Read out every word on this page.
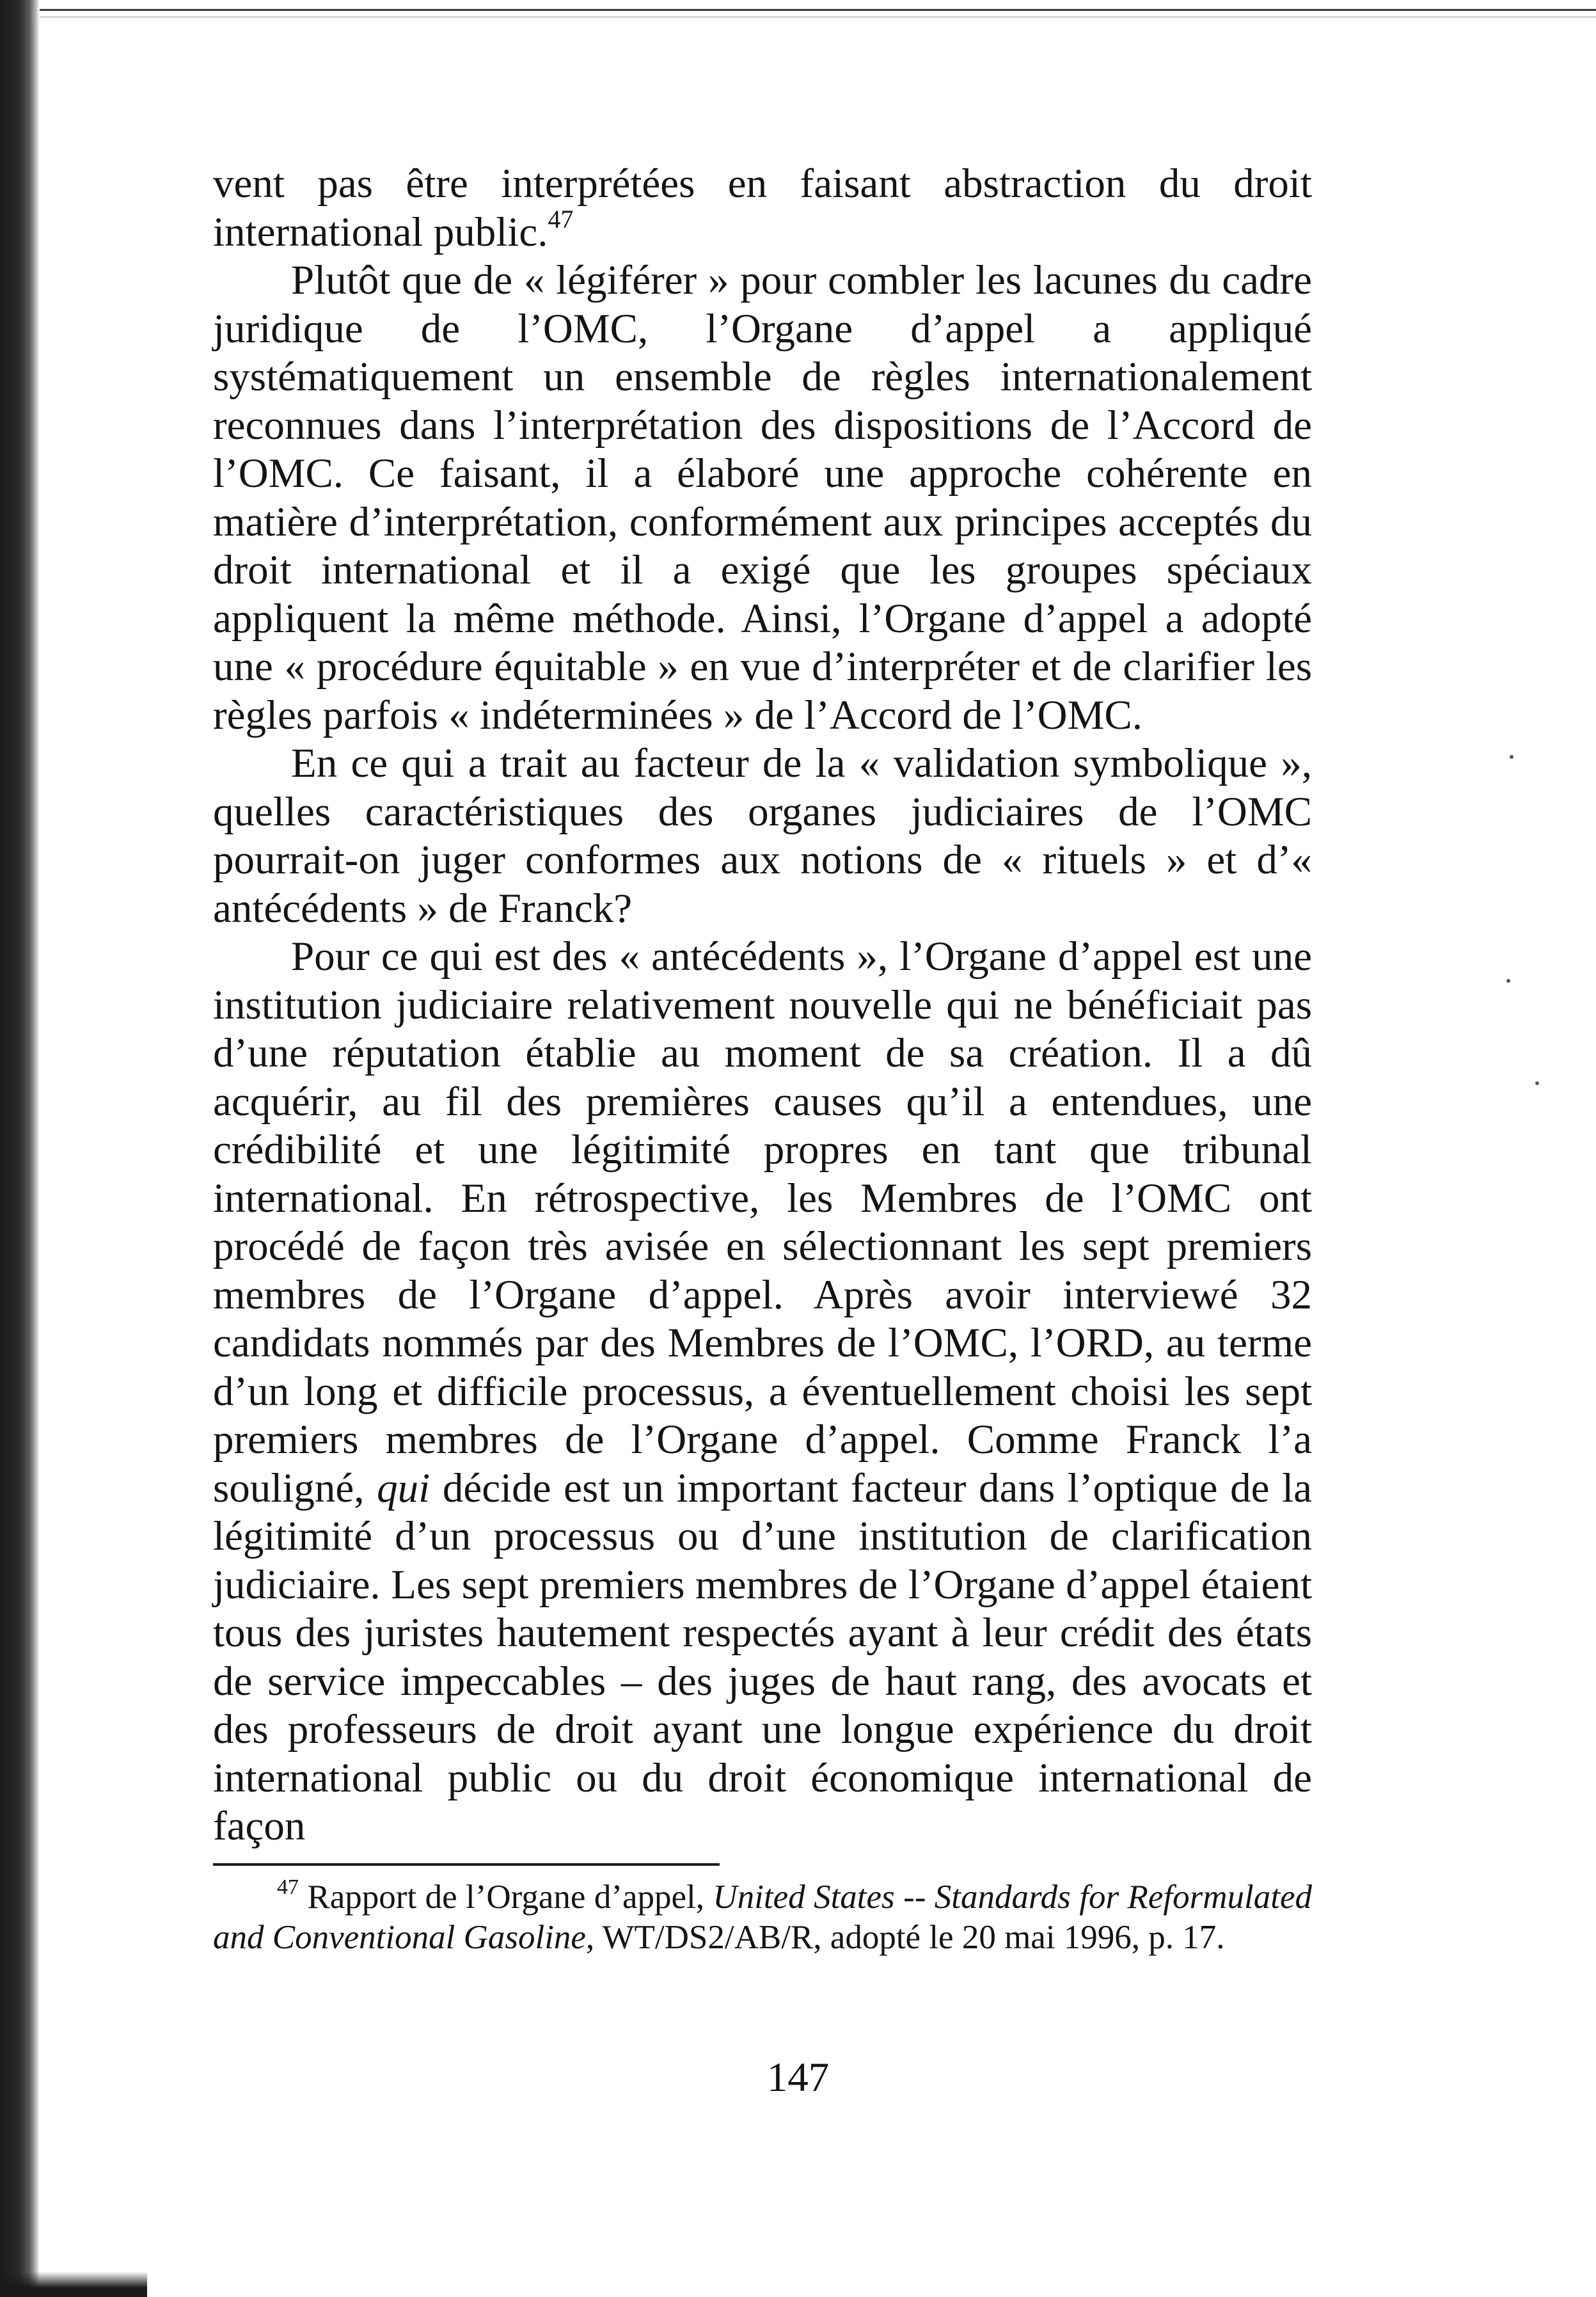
vent pas être interprétées en faisant abstraction du droit international public.$^{47}$

Plutôt que de « légiférer » pour combler les lacunes du cadre juridique de l’OMC, l’Organe d’appel a appliqué systématiquement un ensemble de règles internationalement reconnues dans l’interprétation des dispositions de l’Accord de l’OMC. Ce faisant, il a élaboré une approche cohérente en matière d’interprétation, conformément aux principes acceptés du droit international et il a exigé que les groupes spéciaux appliquent la même méthode. Ainsi, l’Organe d’appel a adopté une « procédure équitable » en vue d’interpréter et de clarifier les règles parfois « indéterminées » de l’Accord de l’OMC.

En ce qui a trait au facteur de la « validation symbolique », quelles caractéristiques des organes judiciaires de l’OMC pourrait-on juger conformes aux notions de « rituels » et d’« antécédents » de Franck?

Pour ce qui est des « antécédents », l’Organe d’appel est une institution judiciaire relativement nouvelle qui ne bénéficiait pas d’une réputation établie au moment de sa création. Il a dû acquérir, au fil des premières causes qu’il a entendues, une crédibilité et une légitimité propres en tant que tribunal international. En rétrospective, les Membres de l’OMC ont procédé de façon très avisée en sélectionnant les sept premiers membres de l’Organe d’appel. Après avoir interviewé 32 candidats nommés par des Membres de l’OMC, l’ORD, au terme d’un long et difficile processus, a éventuellement choisi les sept premiers membres de l’Organe d’appel. Comme Franck l’a souligné, qui décide est un important facteur dans l’optique de la légitimité d’un processus ou d’une institution de clarification judiciaire. Les sept premiers membres de l’Organe d’appel étaient tous des juristes hautement respectés ayant à leur crédit des états de service impeccables – des juges de haut rang, des avocats et des professeurs de droit ayant une longue expérience du droit international public ou du droit économique international de façon

$^{47}$ Rapport de l’Organe d’appel, United States -- Standards for Reformulated and Conventional Gasoline, WT/DS2/AB/R, adopté le 20 mai 1996, p. 17.

147
